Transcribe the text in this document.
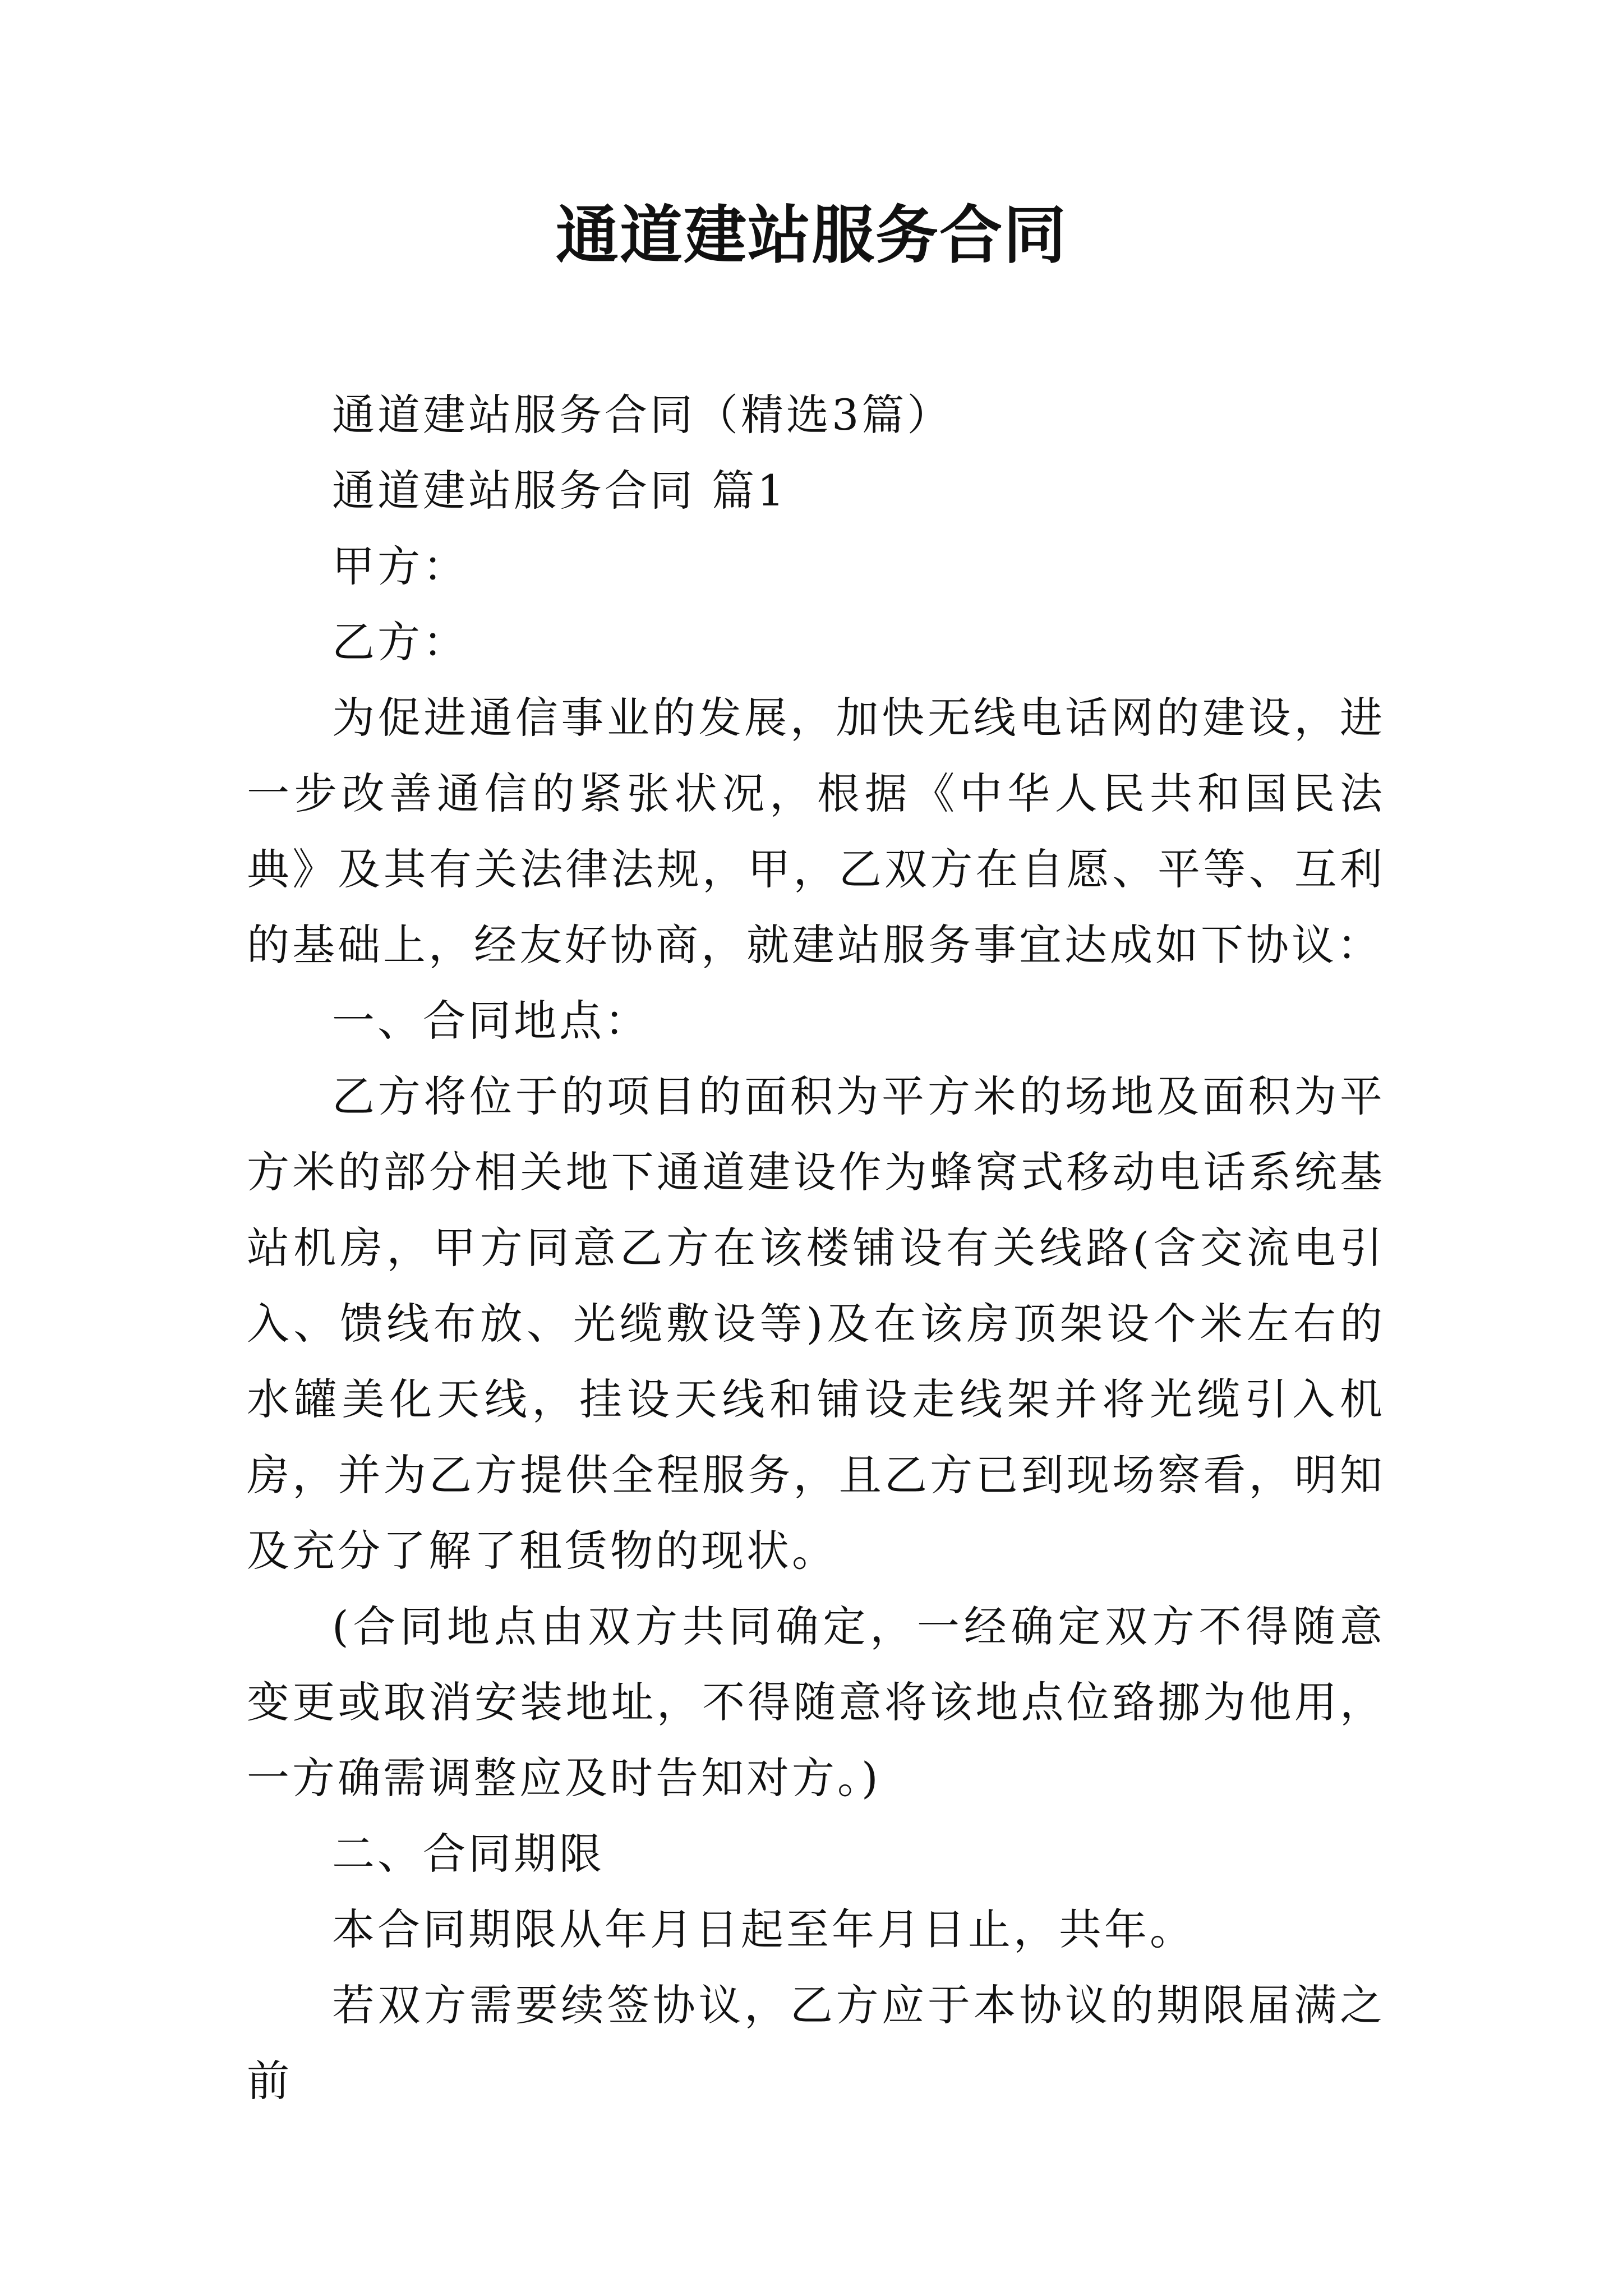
通道建站服务合同

通道建站服务合同（精选3篇）

通道建站服务合同 篇1

甲方：

乙方：

为促进通信事业的发展，加快无线电话网的建设，进一步改善通信的紧张状况，根据《中华人民共和国民法典》及其有关法律法规，甲，乙双方在自愿、平等、互利的基础上，经友好协商，就建站服务事宜达成如下协议：

一、合同地点：

乙方将位于的项目的面积为平方米的场地及面积为平方米的部分相关地下通道建设作为蜂窝式移动电话系统基站机房，甲方同意乙方在该楼铺设有关线路(含交流电引入、馈线布放、光缆敷设等)及在该房顶架设个米左右的水罐美化天线，挂设天线和铺设走线架并将光缆引入机房，并为乙方提供全程服务，且乙方已到现场察看，明知及充分了解了租赁物的现状。

(合同地点由双方共同确定，一经确定双方不得随意变更或取消安装地址，不得随意将该地点位臵挪为他用，一方确需调整应及时告知对方。)

二、合同期限

本合同期限从年月日起至年月日止，共年。

若双方需要续签协议，乙方应于本协议的期限届满之前
